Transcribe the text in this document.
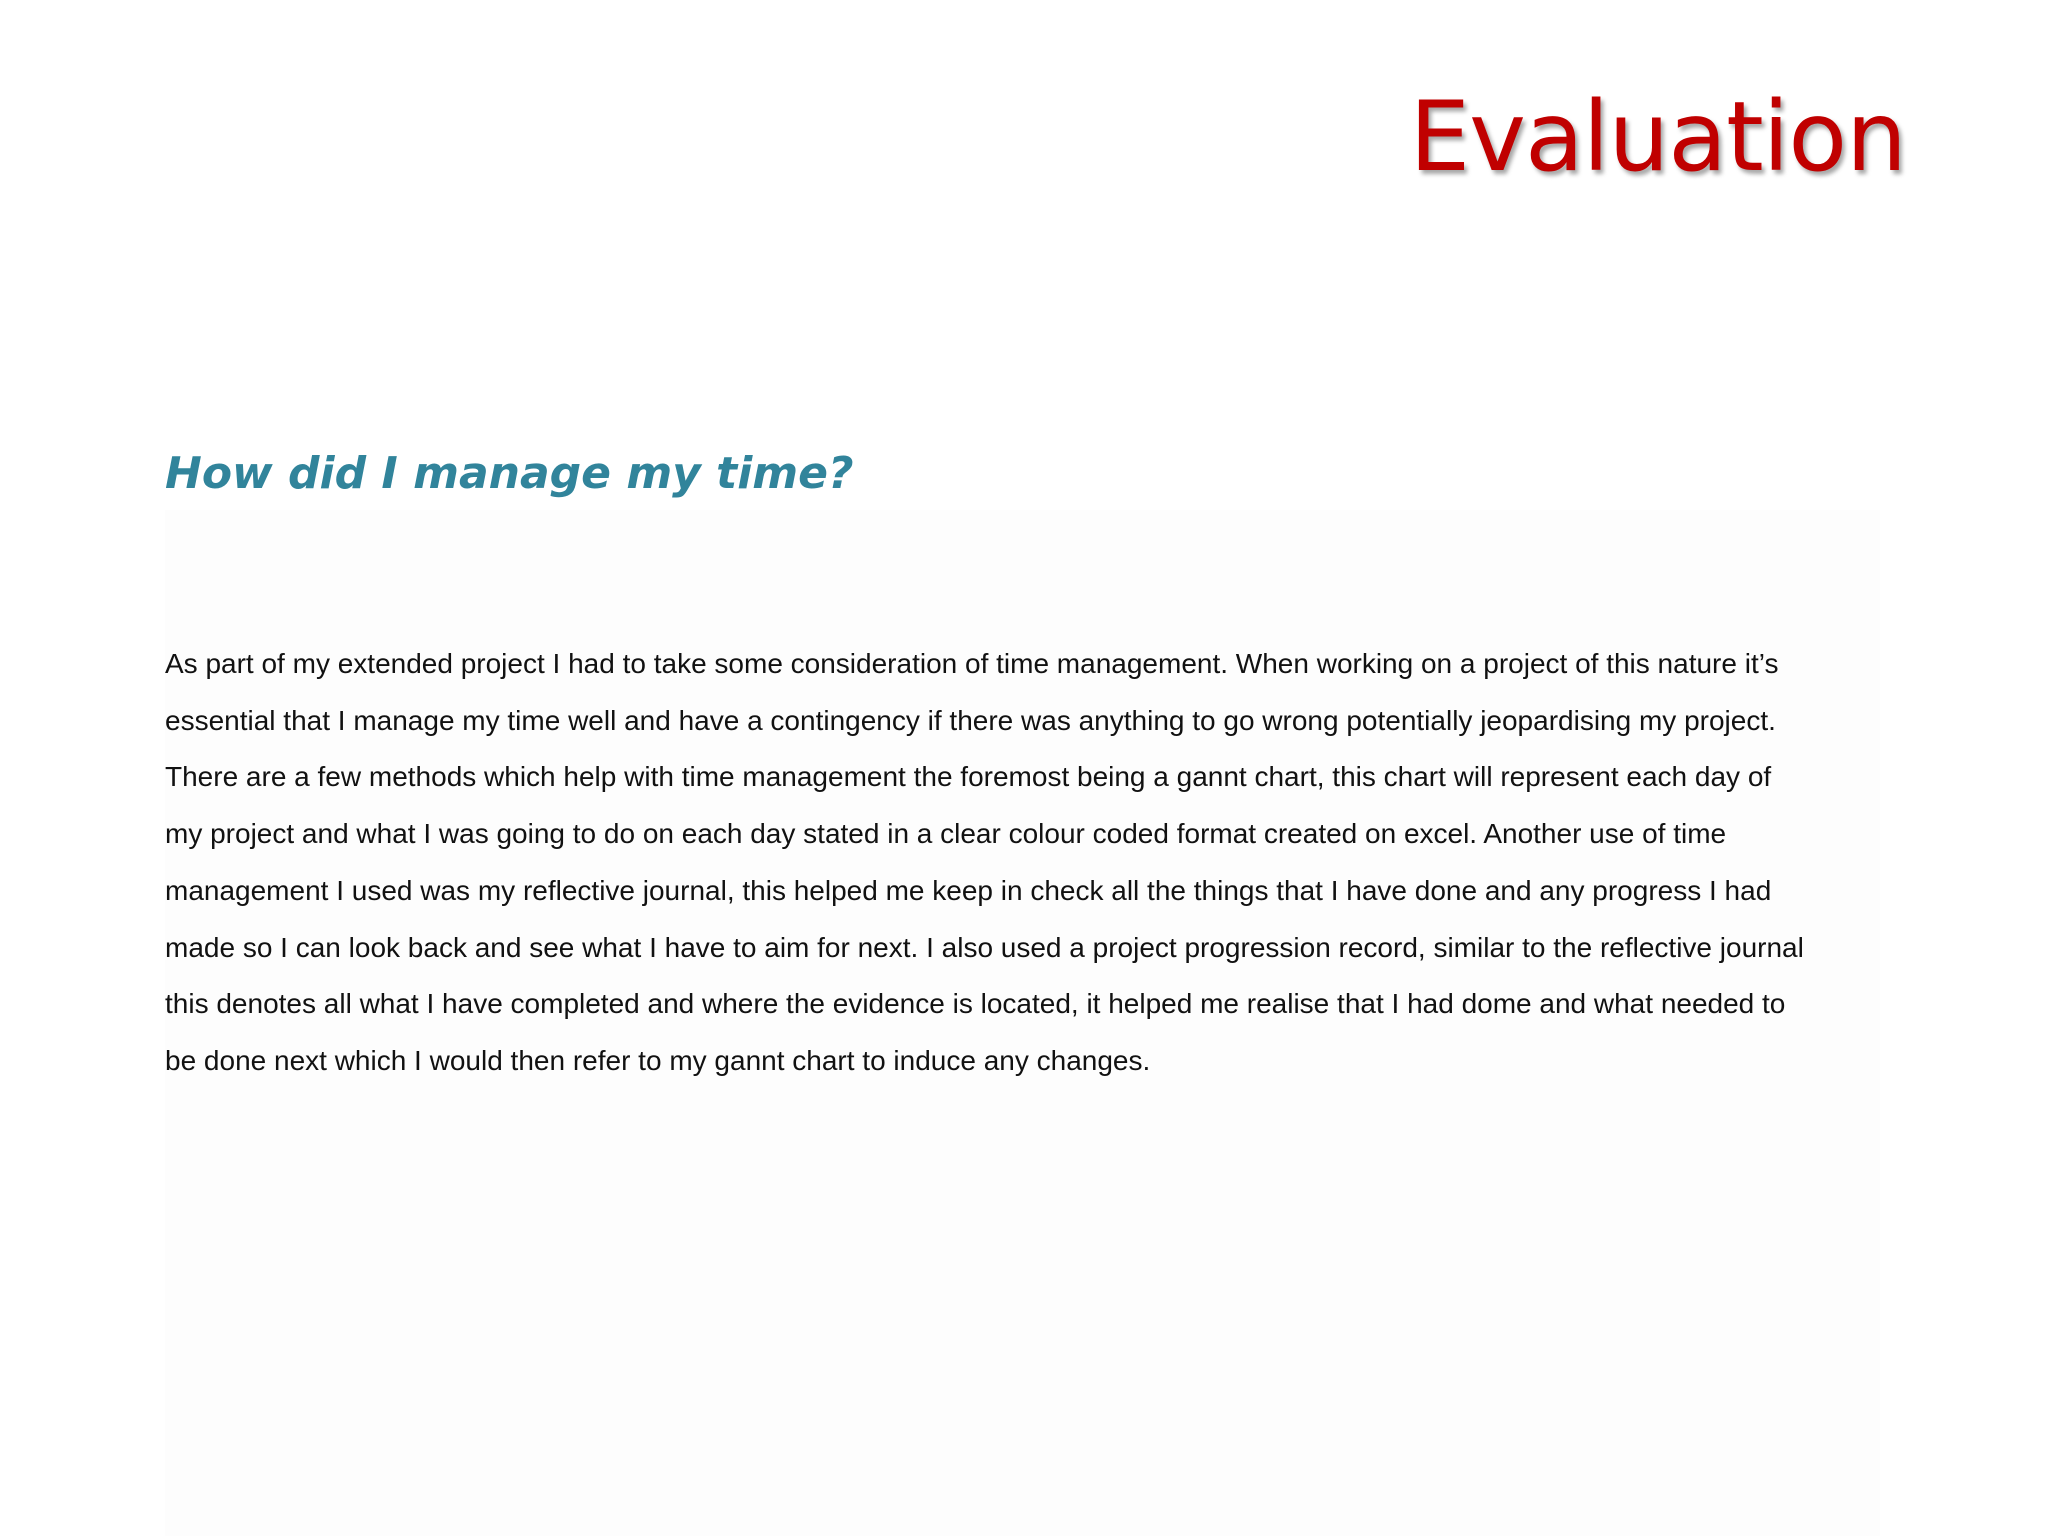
Evaluation
How did I manage my time?

As part of my extended project I had to take some consideration of time management. When working on a project of this nature it’s
essential that I manage my time well and have a contingency if there was anything to go wrong potentially jeopardising my project.
There are a few methods which help with time management the foremost being a gannt chart, this chart will represent each day of
my project and what I was going to do on each day stated in a clear colour coded format created on excel. Another use of time
management I used was my reflective journal, this helped me keep in check all the things that I have done and any progress I had
made so I can look back and see what I have to aim for next. I also used a project progression record, similar to the reflective journal
this denotes all what I have completed and where the evidence is located, it helped me realise that I had dome and what needed to
be done next which I would then refer to my gannt chart to induce any changes.
